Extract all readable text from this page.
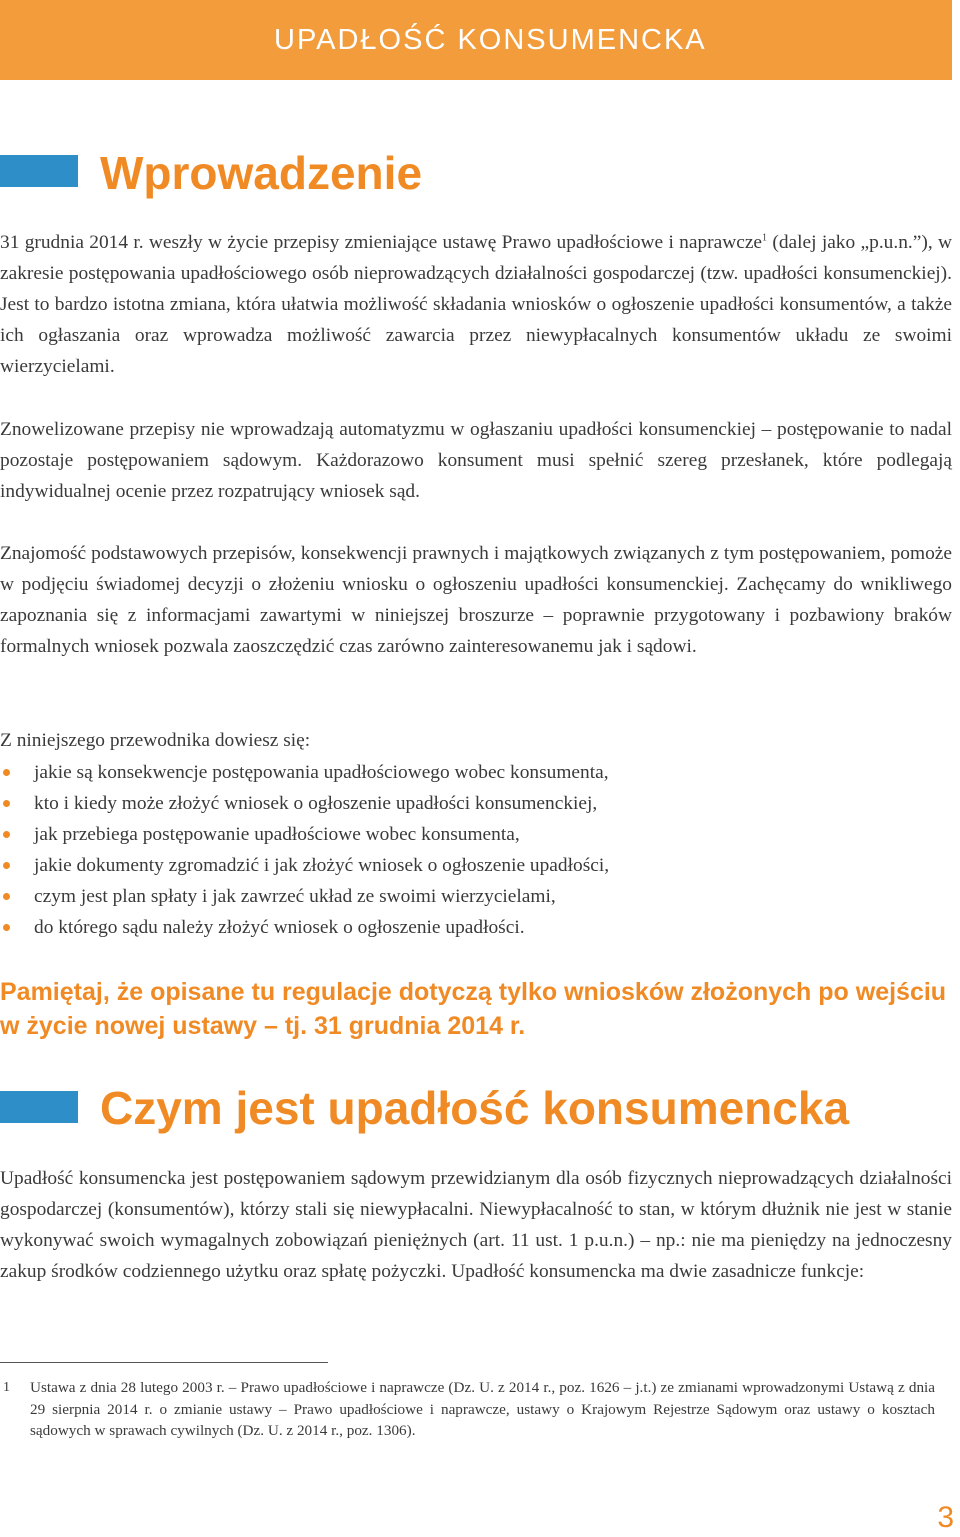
UPADŁOŚĆ KONSUMENCKA
Wprowadzenie

31 grudnia 2014 r. weszły w życie przepisy zmieniające ustawę Prawo upadłościowe i naprawcze$^1$ (dalej jako „p.u.n.”), w zakresie postępowania upadłościowego osób nieprowadzących działalności gospodarczej (tzw. upadłości konsumenckiej). Jest to bardzo istotna zmiana, która ułatwia możliwość składania wniosków o ogłoszenie upadłości konsumentów, a także ich ogłaszania oraz wprowadza możliwość zawarcia przez niewypłacalnych konsumentów układu ze swoimi wierzycielami.

Znowelizowane przepisy nie wprowadzają automatyzmu w ogłaszaniu upadłości konsumenckiej – postępowanie to nadal pozostaje postępowaniem sądowym. Każdorazowo konsument musi spełnić szereg przesłanek, które podlegają indywidualnej ocenie przez rozpatrujący wniosek sąd.

Znajomość podstawowych przepisów, konsekwencji prawnych i majątkowych związanych z tym postępowaniem, pomoże w podjęciu świadomej decyzji o złożeniu wniosku o ogłoszeniu upadłości konsumenckiej. Zachęcamy do wnikliwego zapoznania się z informacjami zawartymi w niniejszej broszurze – poprawnie przygotowany i pozbawiony braków formalnych wniosek pozwala zaoszczędzić czas zarówno zainteresowanemu jak i sądowi.

Z niniejszego przewodnika dowiesz się:

jakie są konsekwencje postępowania upadłościowego wobec konsumenta,
kto i kiedy może złożyć wniosek o ogłoszenie upadłości konsumenckiej,
jak przebiega postępowanie upadłościowe wobec konsumenta,
jakie dokumenty zgromadzić i jak złożyć wniosek o ogłoszenie upadłości,
czym jest plan spłaty i jak zawrzeć układ ze swoimi wierzycielami,
do którego sądu należy złożyć wniosek o ogłoszenie upadłości.

Pamiętaj, że opisane tu regulacje dotyczą tylko wniosków złożonych po wejściu w życie nowej ustawy – tj. 31 grudnia 2014 r.

Czym jest upadłość konsumencka

Upadłość konsumencka jest postępowaniem sądowym przewidzianym dla osób fizycznych nieprowadzących działalności gospodarczej (konsumentów), którzy stali się niewypłacalni. Niewypłacalność to stan, w którym dłużnik nie jest w stanie wykonywać swoich wymagalnych zobowiązań pieniężnych (art. 11 ust. 1 p.u.n.) – np.: nie ma pieniędzy na jednoczesny zakup środków codziennego użytku oraz spłatę pożyczki. Upadłość konsumencka ma dwie zasadnicze funkcje:

1 Ustawa z dnia 28 lutego 2003 r. – Prawo upadłościowe i naprawcze (Dz. U. z 2014 r., poz. 1626 – j.t.) ze zmianami wprowadzonymi Ustawą z dnia 29 sierpnia 2014 r. o zmianie ustawy – Prawo upadłościowe i naprawcze, ustawy o Krajowym Rejestrze Sądowym oraz ustawy o kosztach sądowych w sprawach cywilnych (Dz. U. z 2014 r., poz. 1306).

3
